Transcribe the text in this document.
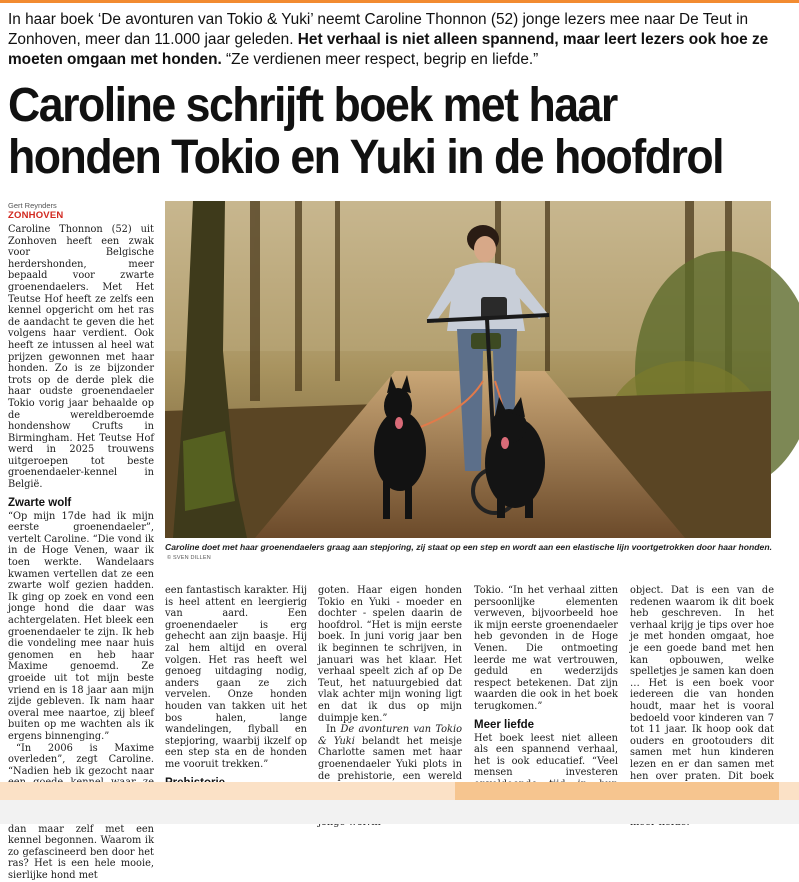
In haar boek ‘De avonturen van Tokio & Yuki’ neemt Caroline Thonnon (52) jonge lezers mee naar De Teut in Zonhoven, meer dan 11.000 jaar geleden. Het verhaal is niet alleen spannend, maar leert lezers ook hoe ze moeten omgaan met honden. “Ze verdienen meer respect, begrip en liefde.”
Caroline schrijft boek met haar honden Tokio en Yuki in de hoofdrol
Gert Reynders
ZONHOVEN

Caroline Thonnon (52) uit Zonhoven heeft een zwak voor Belgische herdershonden, meer bepaald voor zwarte groenendaelers. Met Het Teutse Hof heeft ze zelfs een kennel opgericht om het ras de aandacht te geven die het volgens haar verdient. Ook heeft ze intussen al heel wat prijzen gewonnen met haar honden. Zo is ze bijzonder trots op de derde plek die haar oudste groenendaeler Tokio vorig jaar behaalde op de wereldberoemde hondenshow Crufts in Birmingham. Het Teutse Hof werd in 2025 trouwens uitgeroepen tot beste groenendaeler-kennel in België.

Zwarte wolf

“Op mijn 17de had ik mijn eerste groenendaeler”, vertelt Caroline. “Die vond ik in de Hoge Venen, waar ik toen werkte. Wandelaars kwamen vertellen dat ze een zwarte wolf gezien hadden. Ik ging op zoek en vond een jonge hond die daar was achtergelaten. Het bleek een groenendaeler te zijn. Ik heb die vondeling mee naar huis genomen en heb haar Maxime genoemd. Ze groeide uit tot mijn beste vriend en is 18 jaar aan mijn zijde gebleven. Ik nam haar overal mee naartoe, zij bleef buiten op me wachten als ik ergens binnenging.”

“In 2006 is Maxime overleden”, zegt Caroline. “Nadien heb ik gezocht naar dan maar zelf met een kennel begonnen. Waarom ik zo gefascineerd ben door het ras? Het is een hele mooie, sierlijke hond met

Caroline doet met haar groenendaelers graag aan stepjoring, zij staat op een step en wordt aan een elastische lijn voortgetrokken door haar honden.
© SVEN DILLEN

een fantastisch karakter. Hij is heel attent en leergierig van aard. Een groenendaeler is erg gehecht aan zijn baasje. Hij zal hem altijd en overal volgen. Het ras heeft wel genoeg uitdaging nodig, anders gaan ze zich vervelen. Onze honden houden van takken uit het bos halen, lange wandelingen, flyball en stepjoring, waarbij ikzelf op een step sta en de honden me vooruit trekken.”

goten. Haar eigen honden Tokio en Yuki - moeder en dochter - spelen daarin de hoofdrol. “Het is mijn eerste boek. In juni vorig jaar ben ik beginnen te schrijven, in januari was het klaar. Het verhaal speelt zich af op De Teut, het natuurgebied dat vlak achter mijn woning ligt en dat ik dus op mijn duimpje ken.”

In De avonturen van Tokio & Yuki belandt het meisje Charlotte samen met haar groenendaeler Yuki plots in de prehistorie, een wereld

Tokio. “In het verhaal zitten persoonlijke elementen verweven, bijvoorbeeld hoe ik mijn eerste groenendaeler heb gevonden in de Hoge Venen. Die ontmoeting leerde me wat vertrouwen, geduld en wederzijds respect betekenen. Dat zijn waarden die ook in het boek terugkomen.”

Meer liefde

Het boek leest niet alleen als een spannend verhaal, het is ook educatief. “Veel mensen investeren

object. Dat is een van de redenen waarom ik dit boek heb geschreven. In het verhaal krijg je tips over hoe je met honden omgaat, hoe je een goede band met hen kan opbouwen, welke spelletjes je samen kan doen … Het is een boek voor iedereen die van honden houdt, maar het is vooral bedoeld voor kinderen van 7 tot 11 jaar. Ik hoop ook dat ouders en grootouders dit samen met hun kinderen lezen en er dan samen met hen over praten. Dit boek
